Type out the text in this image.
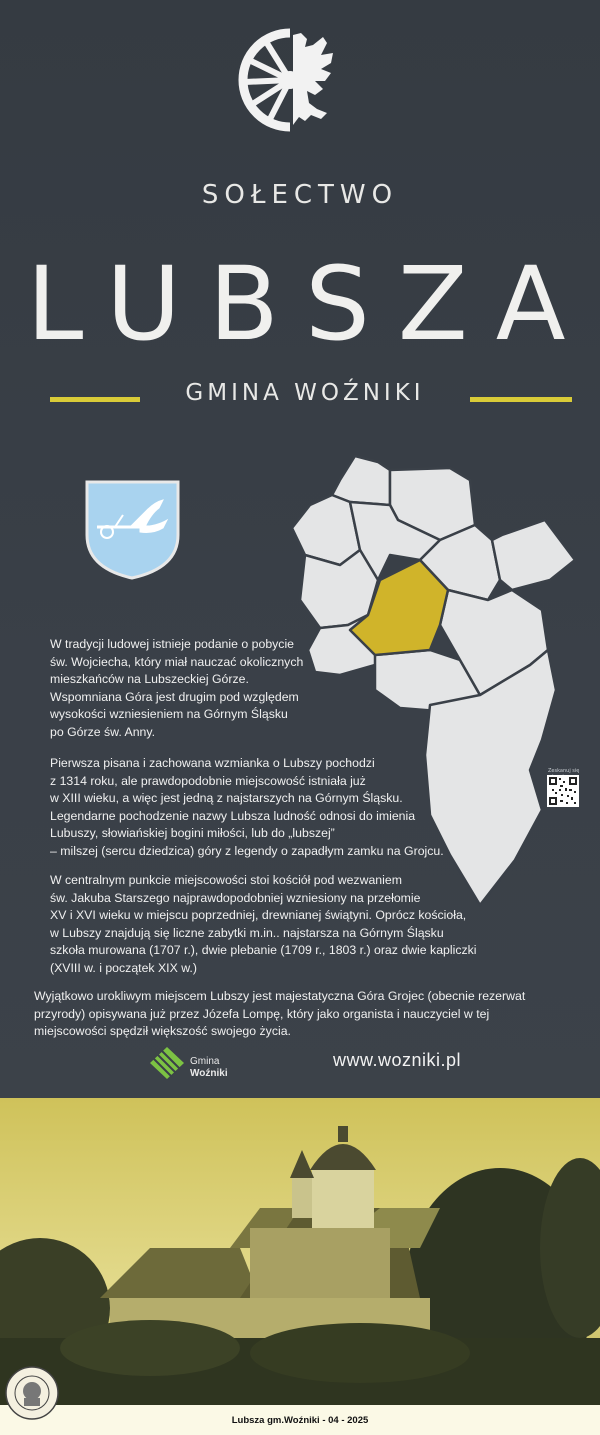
SOŁECTWO
LUBSZA
GMINA WOŹNIKI
Zeskanuj się
W tradycji ludowej istnieje podanie o pobycie
św. Wojciecha, który miał nauczać okolicznych
mieszkańców na Lubszeckiej Górze.
Wspomniana Góra jest drugim pod względem
wysokości wzniesieniem na Górnym Śląsku
po Górze św. Anny.
Pierwsza pisana i zachowana wzmianka o Lubszy pochodzi
z 1314 roku, ale prawdopodobnie miejscowość istniała już
w XIII wieku, a więc jest jedną z najstarszych na Górnym Śląsku.
Legendarne pochodzenie nazwy Lubsza ludność odnosi do imienia
Lubuszy, słowiańskiej bogini miłości, lub do „lubszej”
– milszej (sercu dziedzica) góry z legendy o zapadłym zamku na Grojcu.
W centralnym punkcie miejscowości stoi kościół pod wezwaniem
św. Jakuba Starszego najprawdopodobniej wzniesiony na przełomie
XV i XVI wieku w miejscu poprzedniej, drewnianej świątyni. Oprócz kościoła,
w Lubszy znajdują się liczne zabytki m.in.. najstarsza na Górnym Śląsku
szkoła murowana (1707 r.), dwie plebanie (1709 r., 1803 r.) oraz dwie kapliczki
(XVIII w. i początek XIX w.)
Wyjątkowo urokliwym miejscem Lubszy jest majestatyczna Góra Grojec (obecnie rezerwat
przyrody) opisywana już przez Józefa Lompę, który jako organista i nauczyciel w tej
miejscowości spędził większość swojego życia.
Gmina
Woźniki
www.wozniki.pl
Lubsza gm.Woźniki - 04 - 2025
